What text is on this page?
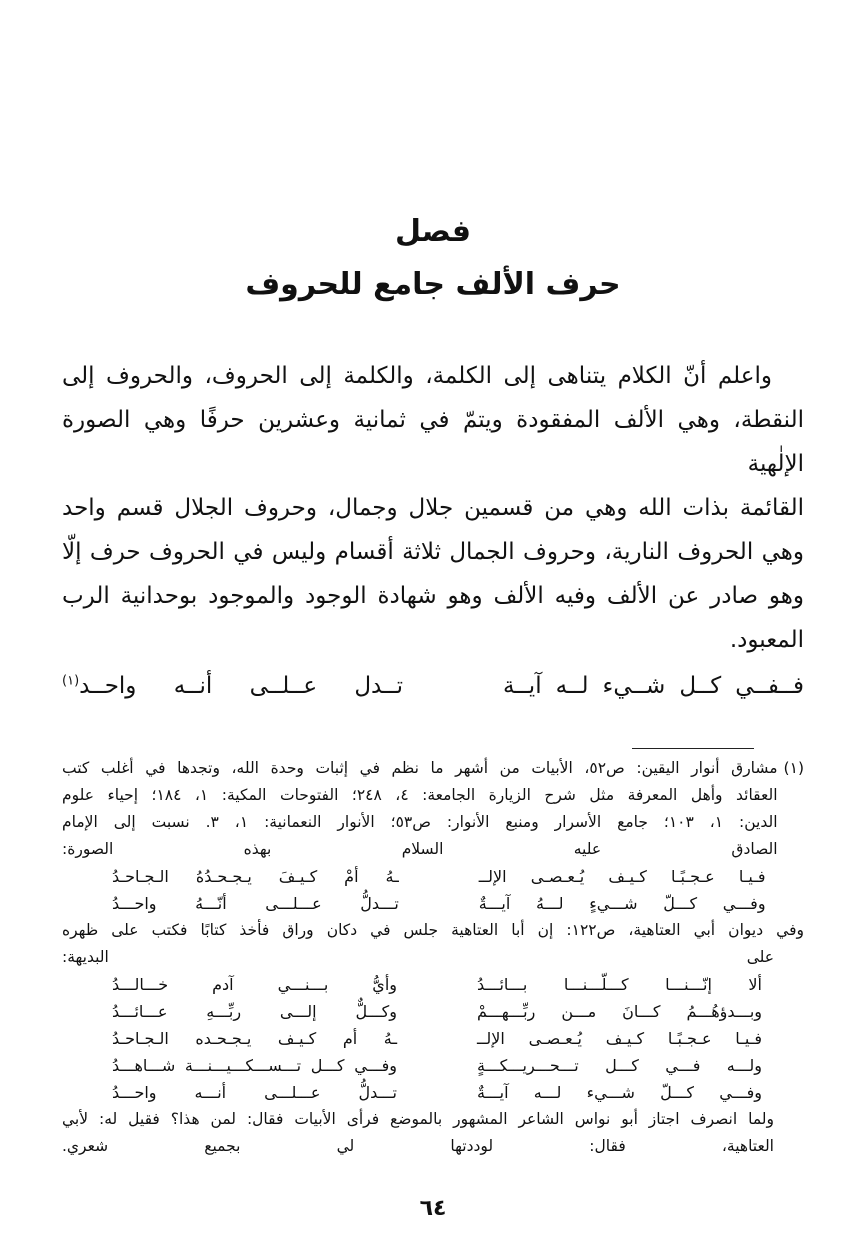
فصل
حرف الألف جامع للحروف
واعلم أنّ الكلام يتناهى إلى الكلمة، والكلمة إلى الحروف، والحروف إلى
النقطة، وهي الألف المفقودة ويتمّ في ثمانية وعشرين حرفًا وهي الصورة الإلٰهية
القائمة بذات الله وهي من قسمين جلال وجمال، وحروف الجلال قسم واحد
وهي الحروف النارية، وحروف الجمال ثلاثة أقسام وليس في الحروف حرف إلّا
وهو صادر عن الألف وفيه الألف وهو شهادة الوجود والموجود بوحدانية الرب
المعبود.
فــفــي كــل شــيء لــه آيــة
تــدل عــلــى أنــه واحــد$^{(١)}$
(١)
مشارق أنوار اليقين: ص٥٢، الأبيات من أشهر ما نظم في إثبات وحدة الله، وتجدها في أغلب كتب
العقائد وأهل المعرفة مثل شرح الزيارة الجامعة: ٤، ٢٤٨؛ الفتوحات المكية: ١، ١٨٤؛ إحياء علوم
الدين: ١، ١٠٣؛ جامع الأسرار ومنبع الأنوار: ص٥٣؛ الأنوار النعمانية: ١، ٣. نسبت إلى الإمام
الصادق عليه السلام بهذه الصورة:
فـيـا عـجـبًـا كـيـف يُـعـصـى الإلــ
ـهُ أمْ كـيـفَ يـجـحـدُهُ الـجـاحـدُ
وفـــي كـــلّ شـــيءٍ لـــهُ آيـــةٌ
تـــدلُّ عـــلـــى أنّـــهُ واحـــدُ
وفي ديوان أبي العتاهية، ص١٢٢: إن أبا العتاهية جلس في دكان وراق فأخذ كتابًا فكتب على ظهره
على البديهة:
ألا إنّـــنـــا كـــلّـــنـــا بـــائـــدُ
وأيُّ بـــنـــي آدم خـــالـــدُ
وبـــدؤهُـــمُ كـــانَ مـــن ربِّـــهـــمْ
وكـــلٌّ إلـــى ربِّـــهِ عـــائـــدُ
فـيـا عـجـبًـا كـيـف يُـعـصـى الإلــ
ـهُ أم كـيـف يـجـحـده الـجـاحـدُ
ولـــه فـــي كـــل تـــحـــريـــكـــةٍ
وفـــي كـــل تـــســـكـــيـــنـــة شـــاهـــدُ
وفـــي كـــلّ شـــيء لـــه آيـــةٌ
تـــدلُّ عـــلـــى أنـــه واحـــدُ
ولما انصرف اجتاز أبو نواس الشاعر المشهور بالموضع فرأى الأبيات فقال: لمن هذا؟ فقيل له: لأبي
العتاهية، فقال: لوددتها لي بجميع شعري.
٦٤
